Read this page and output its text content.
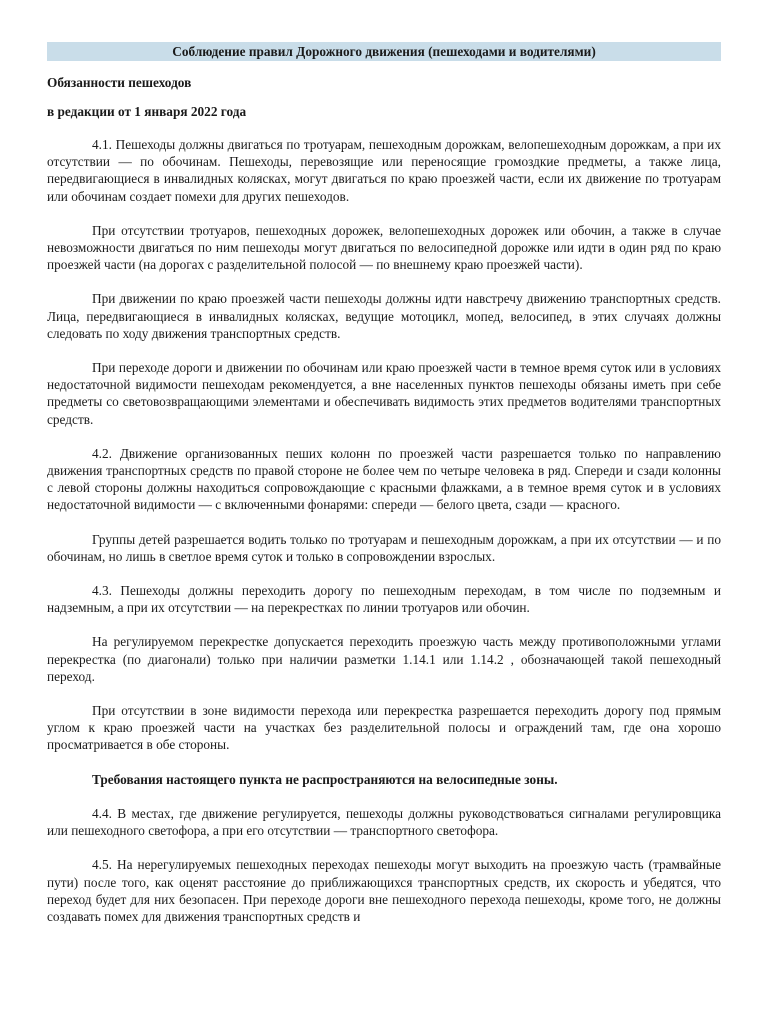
Соблюдение правил Дорожного движения (пешеходами и водителями)
Обязанности пешеходов
в редакции от 1 января 2022 года

4.1. Пешеходы должны двигаться по тротуарам, пешеходным дорожкам, велопешеходным дорожкам, а при их отсутствии — по обочинам. Пешеходы, перевозящие или переносящие громоздкие предметы, а также лица, передвигающиеся в инвалидных колясках, могут двигаться по краю проезжей части, если их движение по тротуарам или обочинам создает помехи для других пешеходов.

При отсутствии тротуаров, пешеходных дорожек, велопешеходных дорожек или обочин, а также в случае невозможности двигаться по ним пешеходы могут двигаться по велосипедной дорожке или идти в один ряд по краю проезжей части (на дорогах с разделительной полосой — по внешнему краю проезжей части).

При движении по краю проезжей части пешеходы должны идти навстречу движению транспортных средств. Лица, передвигающиеся в инвалидных колясках, ведущие мотоцикл, мопед, велосипед, в этих случаях должны следовать по ходу движения транспортных средств.

При переходе дороги и движении по обочинам или краю проезжей части в темное время суток или в условиях недостаточной видимости пешеходам рекомендуется, а вне населенных пунктов пешеходы обязаны иметь при себе предметы со световозвращающими элементами и обеспечивать видимость этих предметов водителями транспортных средств.

4.2. Движение организованных пеших колонн по проезжей части разрешается только по направлению движения транспортных средств по правой стороне не более чем по четыре человека в ряд. Спереди и сзади колонны с левой стороны должны находиться сопровождающие с красными флажками, а в темное время суток и в условиях недостаточной видимости — с включенными фонарями: спереди — белого цвета, сзади — красного.

Группы детей разрешается водить только по тротуарам и пешеходным дорожкам, а при их отсутствии — и по обочинам, но лишь в светлое время суток и только в сопровождении взрослых.

4.3. Пешеходы должны переходить дорогу по пешеходным переходам, в том числе по подземным и надземным, а при их отсутствии — на перекрестках по линии тротуаров или обочин.

На регулируемом перекрестке допускается переходить проезжую часть между противоположными углами перекрестка (по диагонали) только при наличии разметки 1.14.1 или 1.14.2 , обозначающей такой пешеходный переход.

При отсутствии в зоне видимости перехода или перекрестка разрешается переходить дорогу под прямым углом к краю проезжей части на участках без разделительной полосы и ограждений там, где она хорошо просматривается в обе стороны.

Требования настоящего пункта не распространяются на велосипедные зоны.

4.4. В местах, где движение регулируется, пешеходы должны руководствоваться сигналами регулировщика или пешеходного светофора, а при его отсутствии — транспортного светофора.

4.5. На нерегулируемых пешеходных переходах пешеходы могут выходить на проезжую часть (трамвайные пути) после того, как оценят расстояние до приближающихся транспортных средств, их скорость и убедятся, что переход будет для них безопасен. При переходе дороги вне пешеходного перехода пешеходы, кроме того, не должны создавать помех для движения транспортных средств и
